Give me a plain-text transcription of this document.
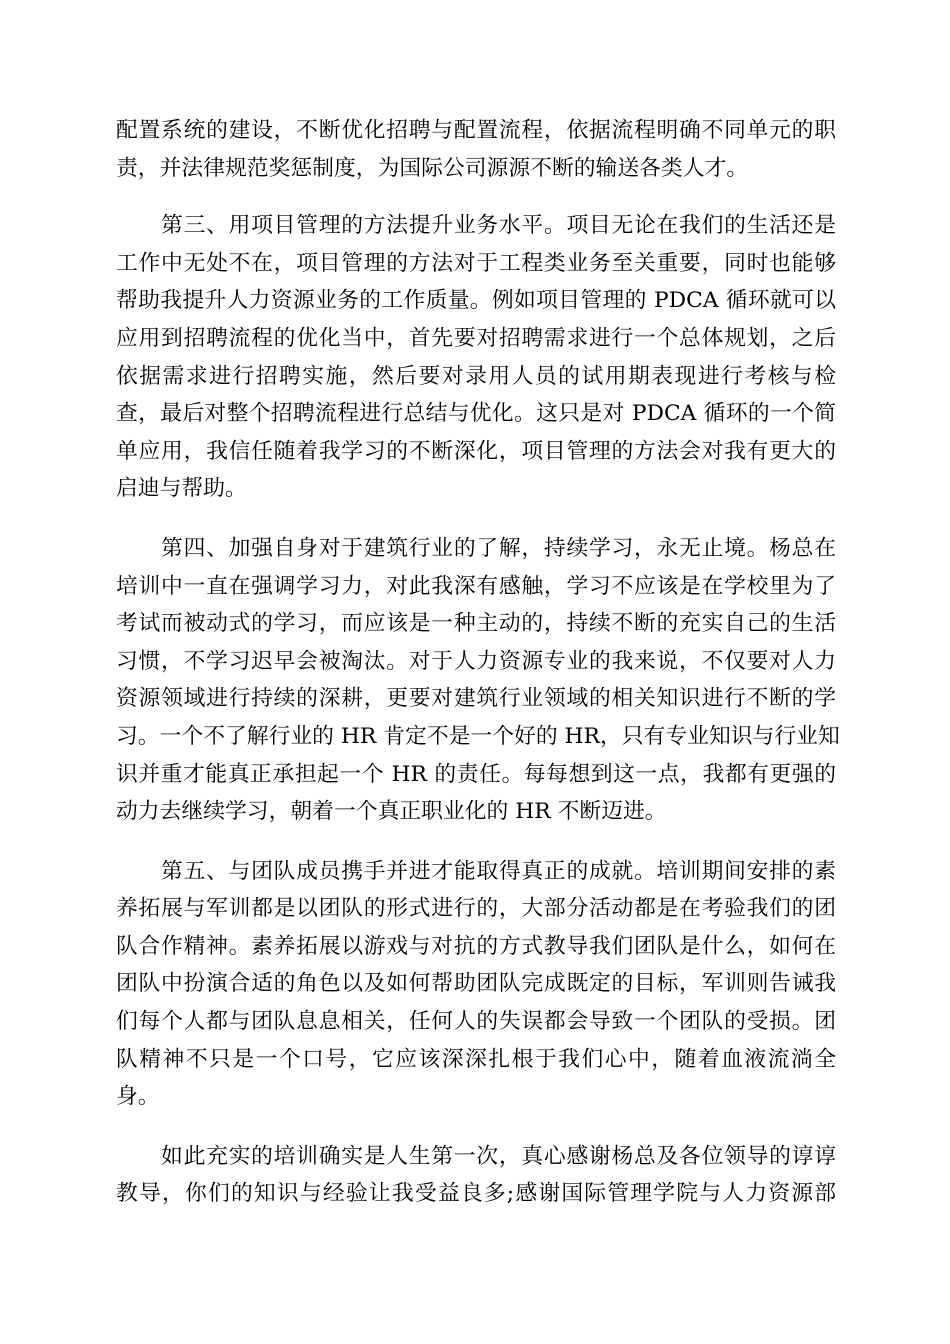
配置系统的建设，不断优化招聘与配置流程，依据流程明确不同单元的职
责，并法律规范奖惩制度，为国际公司源源不断的输送各类人才。

　　第三、用项目管理的方法提升业务水平。项目无论在我们的生活还是
工作中无处不在，项目管理的方法对于工程类业务至关重要，同时也能够
帮助我提升人力资源业务的工作质量。例如项目管理的 PDCA 循环就可以
应用到招聘流程的优化当中，首先要对招聘需求进行一个总体规划，之后
依据需求进行招聘实施，然后要对录用人员的试用期表现进行考核与检
查，最后对整个招聘流程进行总结与优化。这只是对 PDCA 循环的一个简
单应用，我信任随着我学习的不断深化，项目管理的方法会对我有更大的
启迪与帮助。

　　第四、加强自身对于建筑行业的了解，持续学习，永无止境。杨总在
培训中一直在强调学习力，对此我深有感触，学习不应该是在学校里为了
考试而被动式的学习，而应该是一种主动的，持续不断的充实自己的生活
习惯，不学习迟早会被淘汰。对于人力资源专业的我来说，不仅要对人力
资源领域进行持续的深耕，更要对建筑行业领域的相关知识进行不断的学
习。一个不了解行业的 HR 肯定不是一个好的 HR，只有专业知识与行业知
识并重才能真正承担起一个 HR 的责任。每每想到这一点，我都有更强的
动力去继续学习，朝着一个真正职业化的 HR 不断迈进。

　　第五、与团队成员携手并进才能取得真正的成就。培训期间安排的素
养拓展与军训都是以团队的形式进行的，大部分活动都是在考验我们的团
队合作精神。素养拓展以游戏与对抗的方式教导我们团队是什么，如何在
团队中扮演合适的角色以及如何帮助团队完成既定的目标，军训则告诫我
们每个人都与团队息息相关，任何人的失误都会导致一个团队的受损。团
队精神不只是一个口号，它应该深深扎根于我们心中，随着血液流淌全
身。

　　如此充实的培训确实是人生第一次，真心感谢杨总及各位领导的谆谆
教导，你们的知识与经验让我受益良多;感谢国际管理学院与人力资源部
